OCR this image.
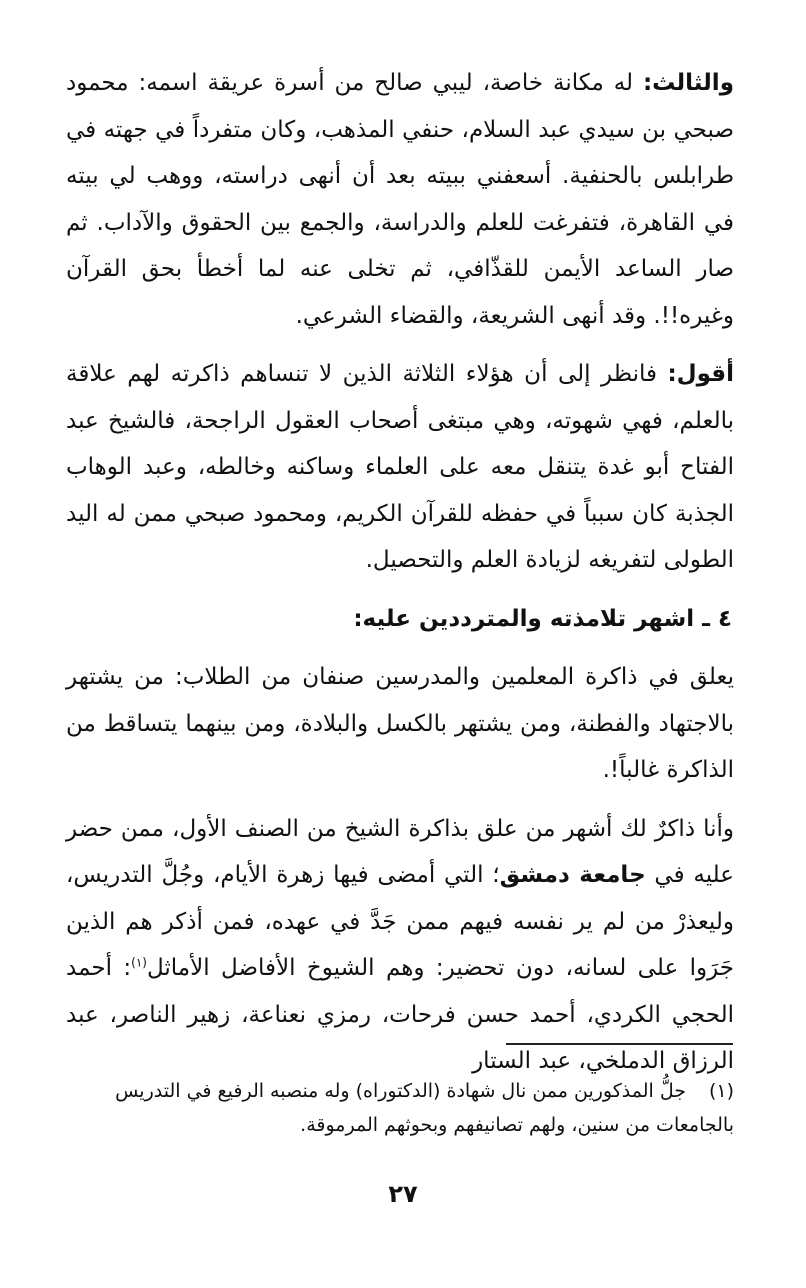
والثالث: له مكانة خاصة، ليبي صالح من أسرة عريقة اسمه: محمود صبحي بن سيدي عبد السلام، حنفي المذهب، وكان متفرداً في جهته في طرابلس بالحنفية. أسعفني ببيته بعد أن أنهى دراسته، ووهب لي بيته في القاهرة، فتفرغت للعلم والدراسة، والجمع بين الحقوق والآداب. ثم صار الساعد الأيمن للقذّافي، ثم تخلى عنه لما أخطأ بحق القرآن وغيره!!. وقد أنهى الشريعة، والقضاء الشرعي.

أقول: فانظر إلى أن هؤلاء الثلاثة الذين لا تنساهم ذاكرته لهم علاقة بالعلم، فهي شهوته، وهي مبتغى أصحاب العقول الراجحة، فالشيخ عبد الفتاح أبو غدة يتنقل معه على العلماء وساكنه وخالطه، وعبد الوهاب الجذبة كان سبباً في حفظه للقرآن الكريم، ومحمود صبحي ممن له اليد الطولى لتفريغه لزيادة العلم والتحصيل.

٤ ـ اشهر تلامذته والمترددين عليه:

يعلق في ذاكرة المعلمين والمدرسين صنفان من الطلاب: من يشتهر بالاجتهاد والفطنة، ومن يشتهر بالكسل والبلادة، ومن بينهما يتساقط من الذاكرة غالباً!.

وأنا ذاكرٌ لك أشهر من علق بذاكرة الشيخ من الصنف الأول، ممن حضر عليه في جامعة دمشق؛ التي أمضى فيها زهرة الأيام، وجُلَّ التدريس، وليعذرْ من لم ير نفسه فيهم ممن جَدَّ في عهده، فمن أذكر هم الذين جَرَوا على لسانه، دون تحضير: وهم الشيوخ الأفاضل الأماثل$^{(١)}$: أحمد الحجي الكردي، أحمد حسن فرحات، رمزي نعناعة، زهير الناصر، عبد الرزاق الدملخي، عبد الستار

(١)جلُّ المذكورين ممن نال شهادة (الدكتوراه) وله منصبه الرفيع في التدريس
بالجامعات من سنين، ولهم تصانيفهم وبحوثهم المرموقة.
٢٧
